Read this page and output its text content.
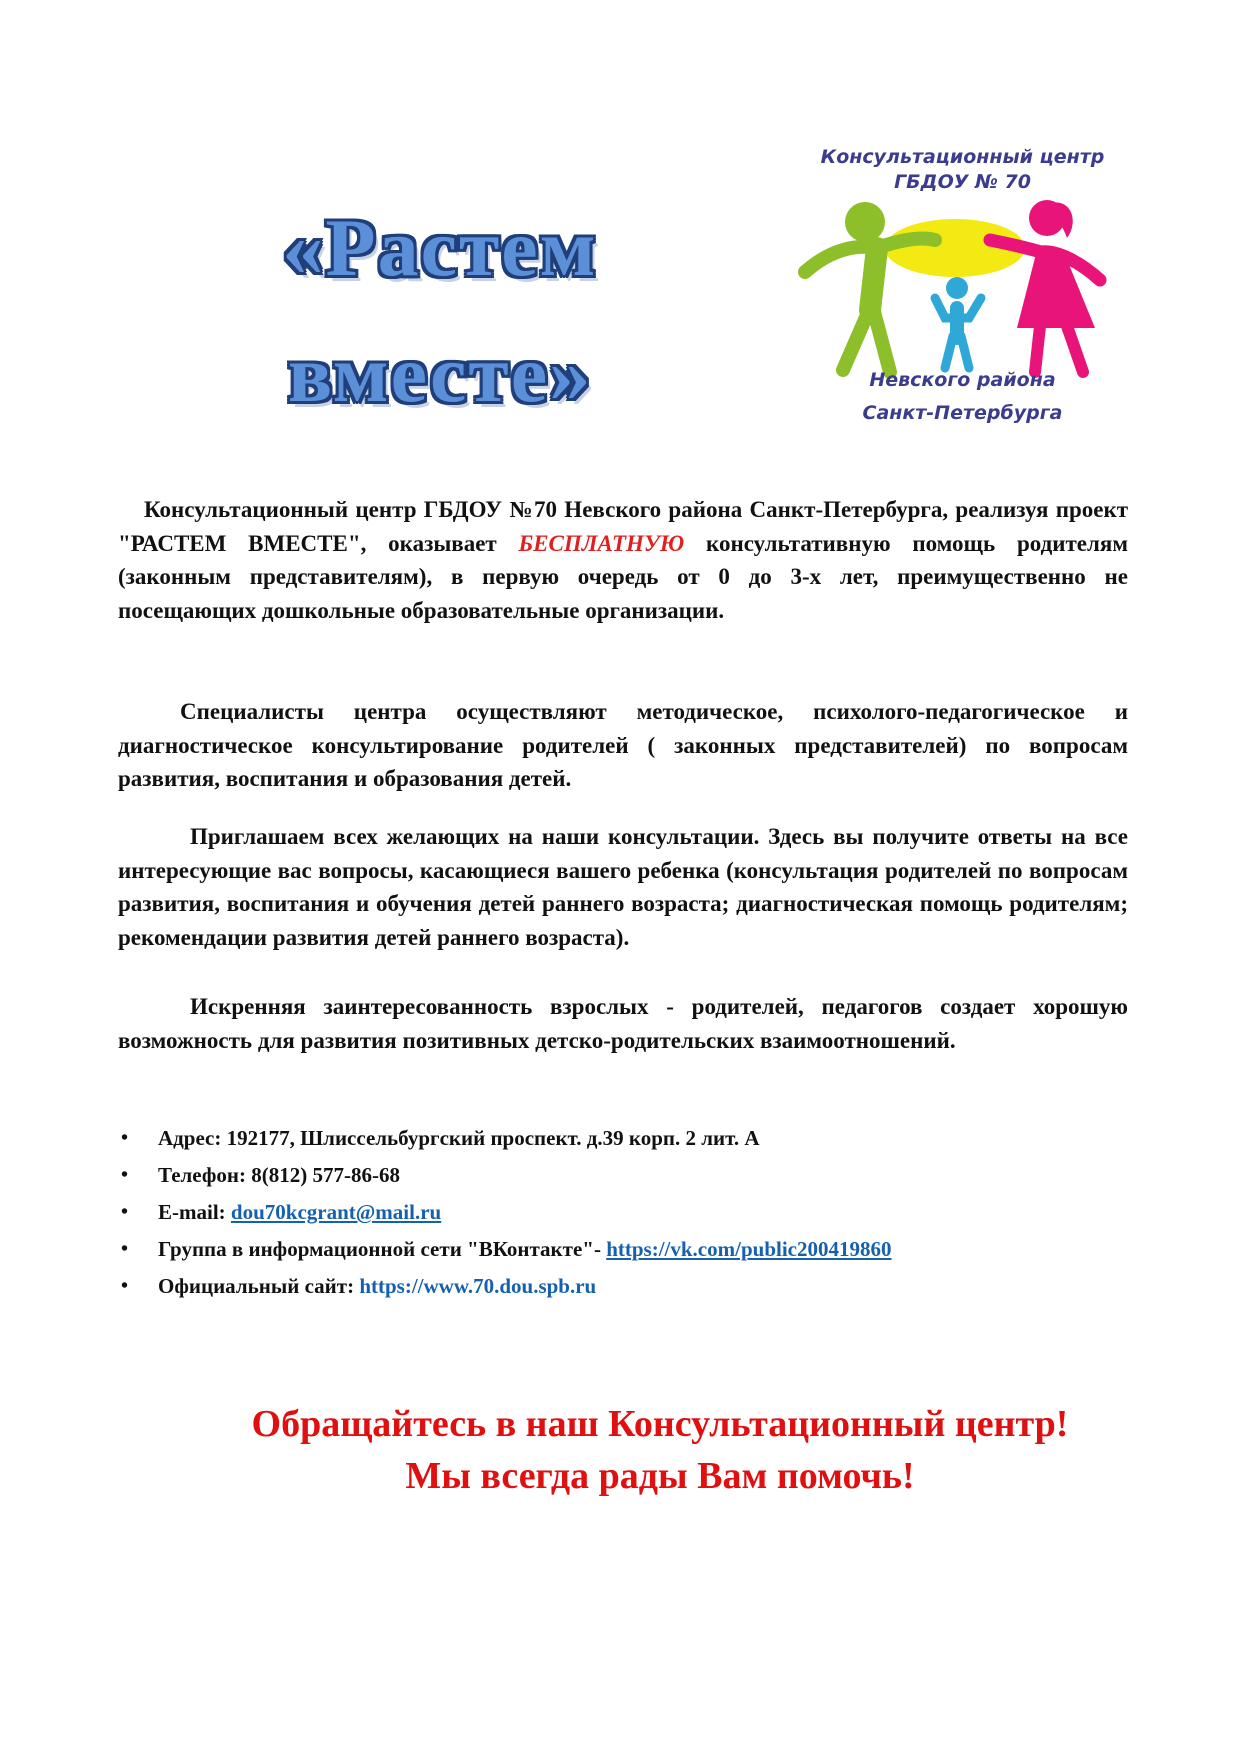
«Растем
вместе»
Консультационный центр
ГБДОУ № 70
Невского района
Санкт-Петербурга

Консультационный центр ГБДОУ №70 Невского района Санкт-Петербурга, реализуя проект "РАСТЕМ ВМЕСТЕ", оказывает БЕСПЛАТНУЮ консультативную помощь родителям (законным представителям), в первую очередь от 0 до 3-х лет, преимущественно не посещающих дошкольные образовательные организации.

Специалисты центра осуществляют методическое, психолого-педагогическое и диагностическое консультирование родителей ( законных представителей) по вопросам развития, воспитания и образования детей.

Приглашаем всех желающих на наши консультации. Здесь вы получите ответы на все интересующие вас вопросы, касающиеся вашего ребенка (консультация родителей по вопросам развития, воспитания и обучения детей раннего возраста; диагностическая помощь родителям; рекомендации развития детей раннего возраста).

Искренняя заинтересованность взрослых - родителей, педагогов создает хорошую возможность для развития позитивных детско-родительских взаимоотношений.

• Адрес: 192177, Шлиссельбургский проспект. д.39 корп. 2 лит. А
• Телефон: 8(812) 577-86-68
• E-mail: dou70kcgrant@mail.ru
• Группа в информационной сети "ВКонтакте"- https://vk.com/public200419860
• Официальный сайт: https://www.70.dou.spb.ru
Обращайтесь в наш Консультационный центр!
Мы всегда рады Вам помочь!
